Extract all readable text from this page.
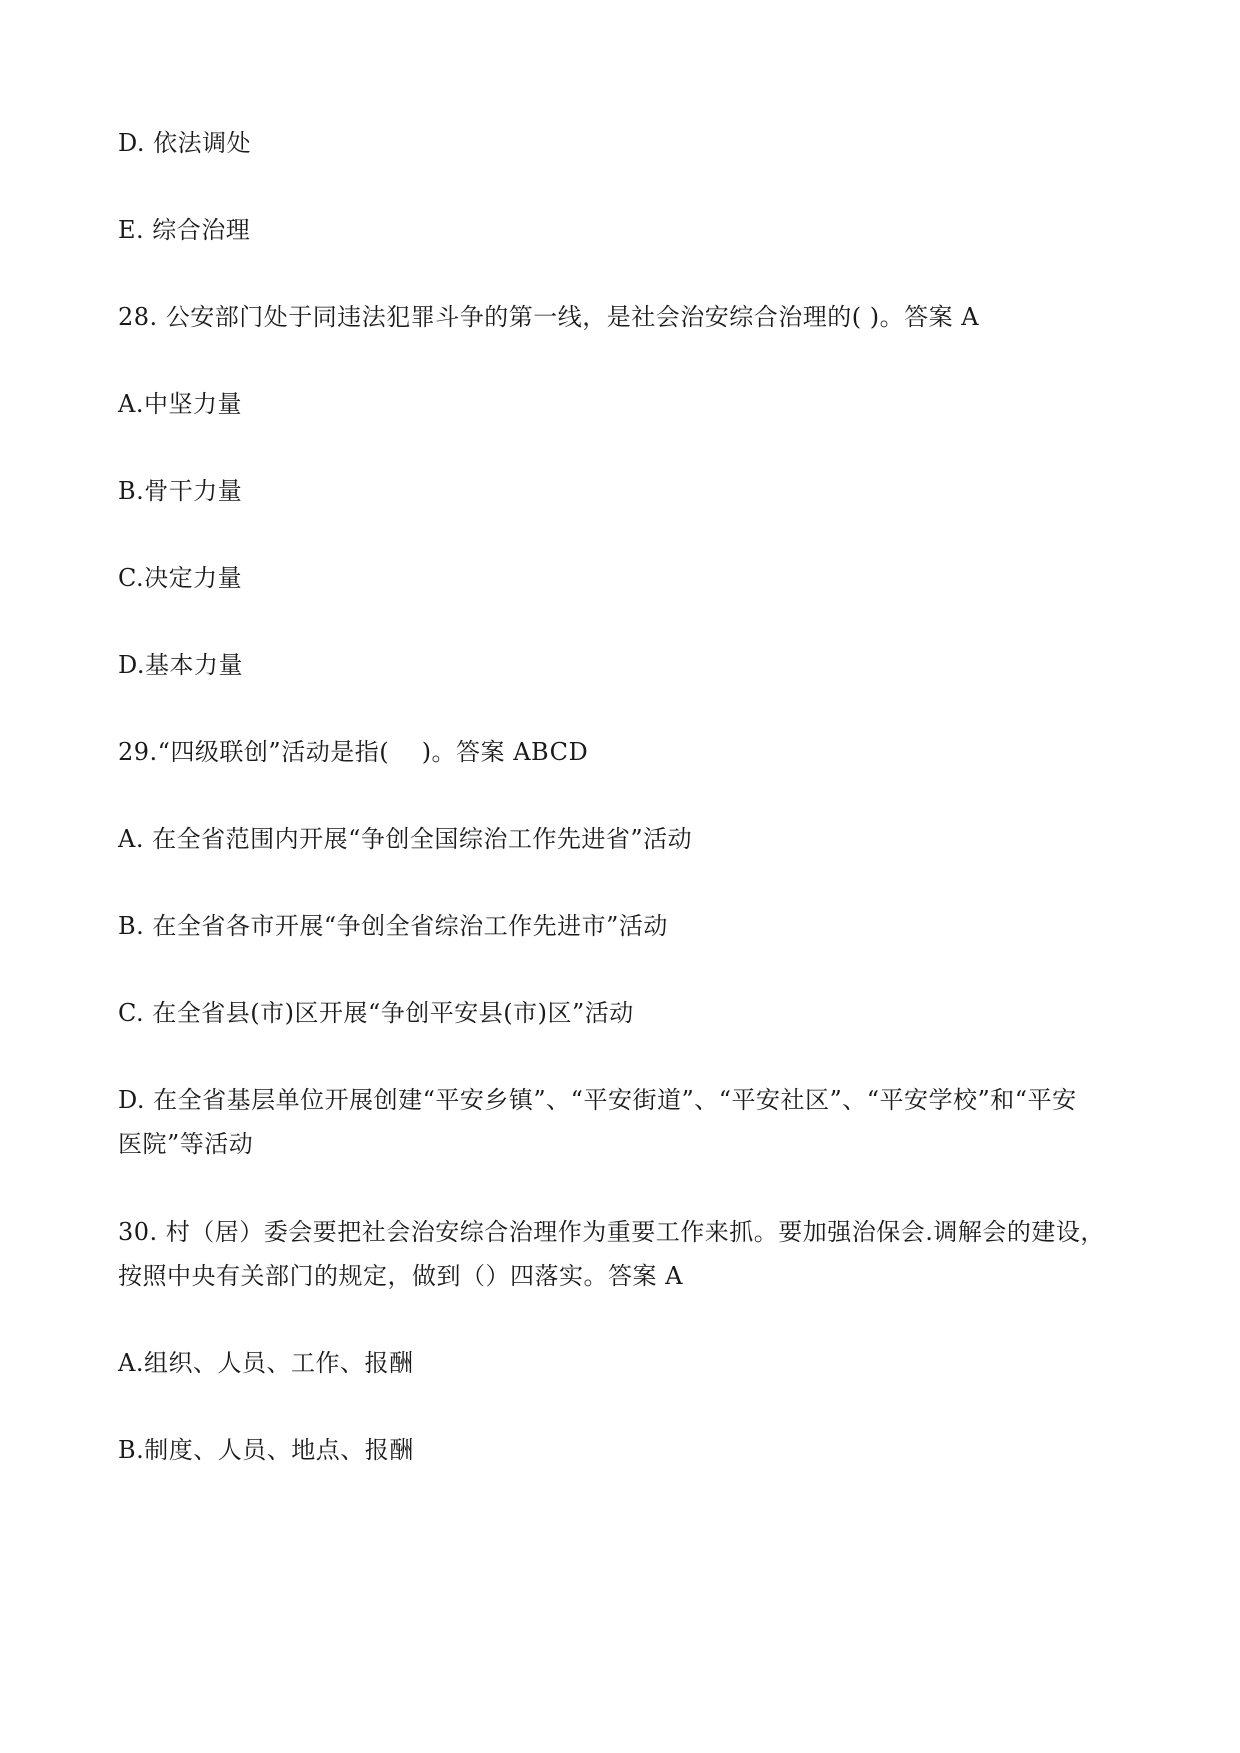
D. 依法调处
E. 综合治理
28. 公安部门处于同违法犯罪斗争的第一线，是社会治安综合治理的( )。答案 A
A.中坚力量
B.骨干力量
C.决定力量
D.基本力量
29.“四级联创”活动是指(　 )。答案 ABCD
A. 在全省范围内开展“争创全国综治工作先进省”活动
B. 在全省各市开展“争创全省综治工作先进市”活动
C. 在全省县(市)区开展“争创平安县(市)区”活动
D. 在全省基层单位开展创建“平安乡镇”、“平安街道”、“平安社区”、“平安学校”和“平安
医院”等活动
30. 村（居）委会要把社会治安综合治理作为重要工作来抓。要加强治保会.调解会的建设，
按照中央有关部门的规定，做到（）四落实。答案 A
A.组织、人员、工作、报酬
B.制度、人员、地点、报酬
